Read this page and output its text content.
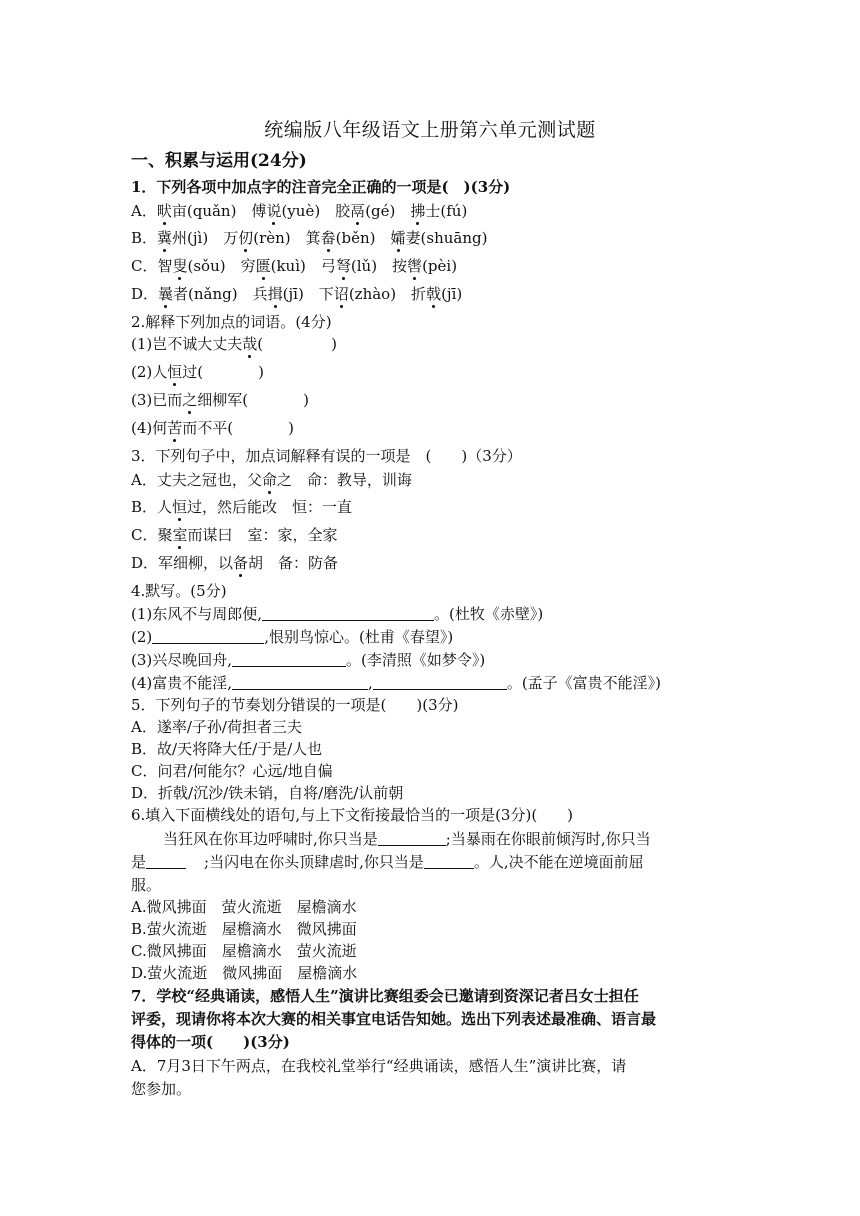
统编版八年级语文上册第六单元测试题
一、积累与运用(24分)
1．下列各项中加点字的注音完全正确的一项是(　)(3分)
A．畎亩(quǎn)　傅说(yuè)　胶鬲(gé)　拂士(fú)
B．冀州(jì)　万仞(rèn)　箕畚(běn)　孀妻(shuāng)
C．智叟(sǒu)　穷匮(kuì)　弓弩(lǔ)　按辔(pèi)
D．曩者(nǎng)　兵揖(jī)　下诏(zhào)　折戟(jī)
2.解释下列加点的词语。(4分)
(1)岂不诚大丈夫哉(	)
(2)人恒过(	)
(3)已而之细柳军(	)
(4)何苦而不平(	)
3．下列句子中，加点词解释有误的一项是　(　　)（3分）
A．丈夫之冠也，父命之　命：教导，训诲
B．人恒过，然后能改　恒：一直
C．聚室而谋曰　室：家，全家
D．军细柳，以备胡　备：防备
4.默写。(5分)
(1)东风不与周郎便,	。(杜牧《赤壁》)
(2)	,恨别鸟惊心。(杜甫《春望》)
(3)兴尽晚回舟,	。(李清照《如梦令》)
(4)富贵不能淫,	,	。(孟子《富贵不能淫》)
5．下列句子的节奏划分错误的一项是(　　)(3分)
A．遂率/子孙/荷担者三夫
B．故/天将降大任/于是/人也
C．问君/何能尔？心远/地自偏
D．折戟/沉沙/铁未销，自将/磨洗/认前朝
6.填入下面横线处的语句,与上下文衔接最恰当的一项是(3分)(　　)
当狂风在你耳边呼啸时,你只当是	;当暴雨在你眼前倾泻时,你只当
是	;当闪电在你头顶肆虐时,你只当是	。人,决不能在逆境面前屈
服。
A.微风拂面　萤火流逝　屋檐滴水
B.萤火流逝　屋檐滴水　微风拂面
C.微风拂面　屋檐滴水　萤火流逝
D.萤火流逝　微风拂面　屋檐滴水
7．学校“经典诵读，感悟人生”演讲比赛组委会已邀请到资深记者吕女士担任
评委，现请你将本次大赛的相关事宜电话告知她。选出下列表述最准确、语言最
得体的一项(　　)(3分)
A．7月3日下午两点，在我校礼堂举行“经典诵读，感悟人生”演讲比赛，请
您参加。
